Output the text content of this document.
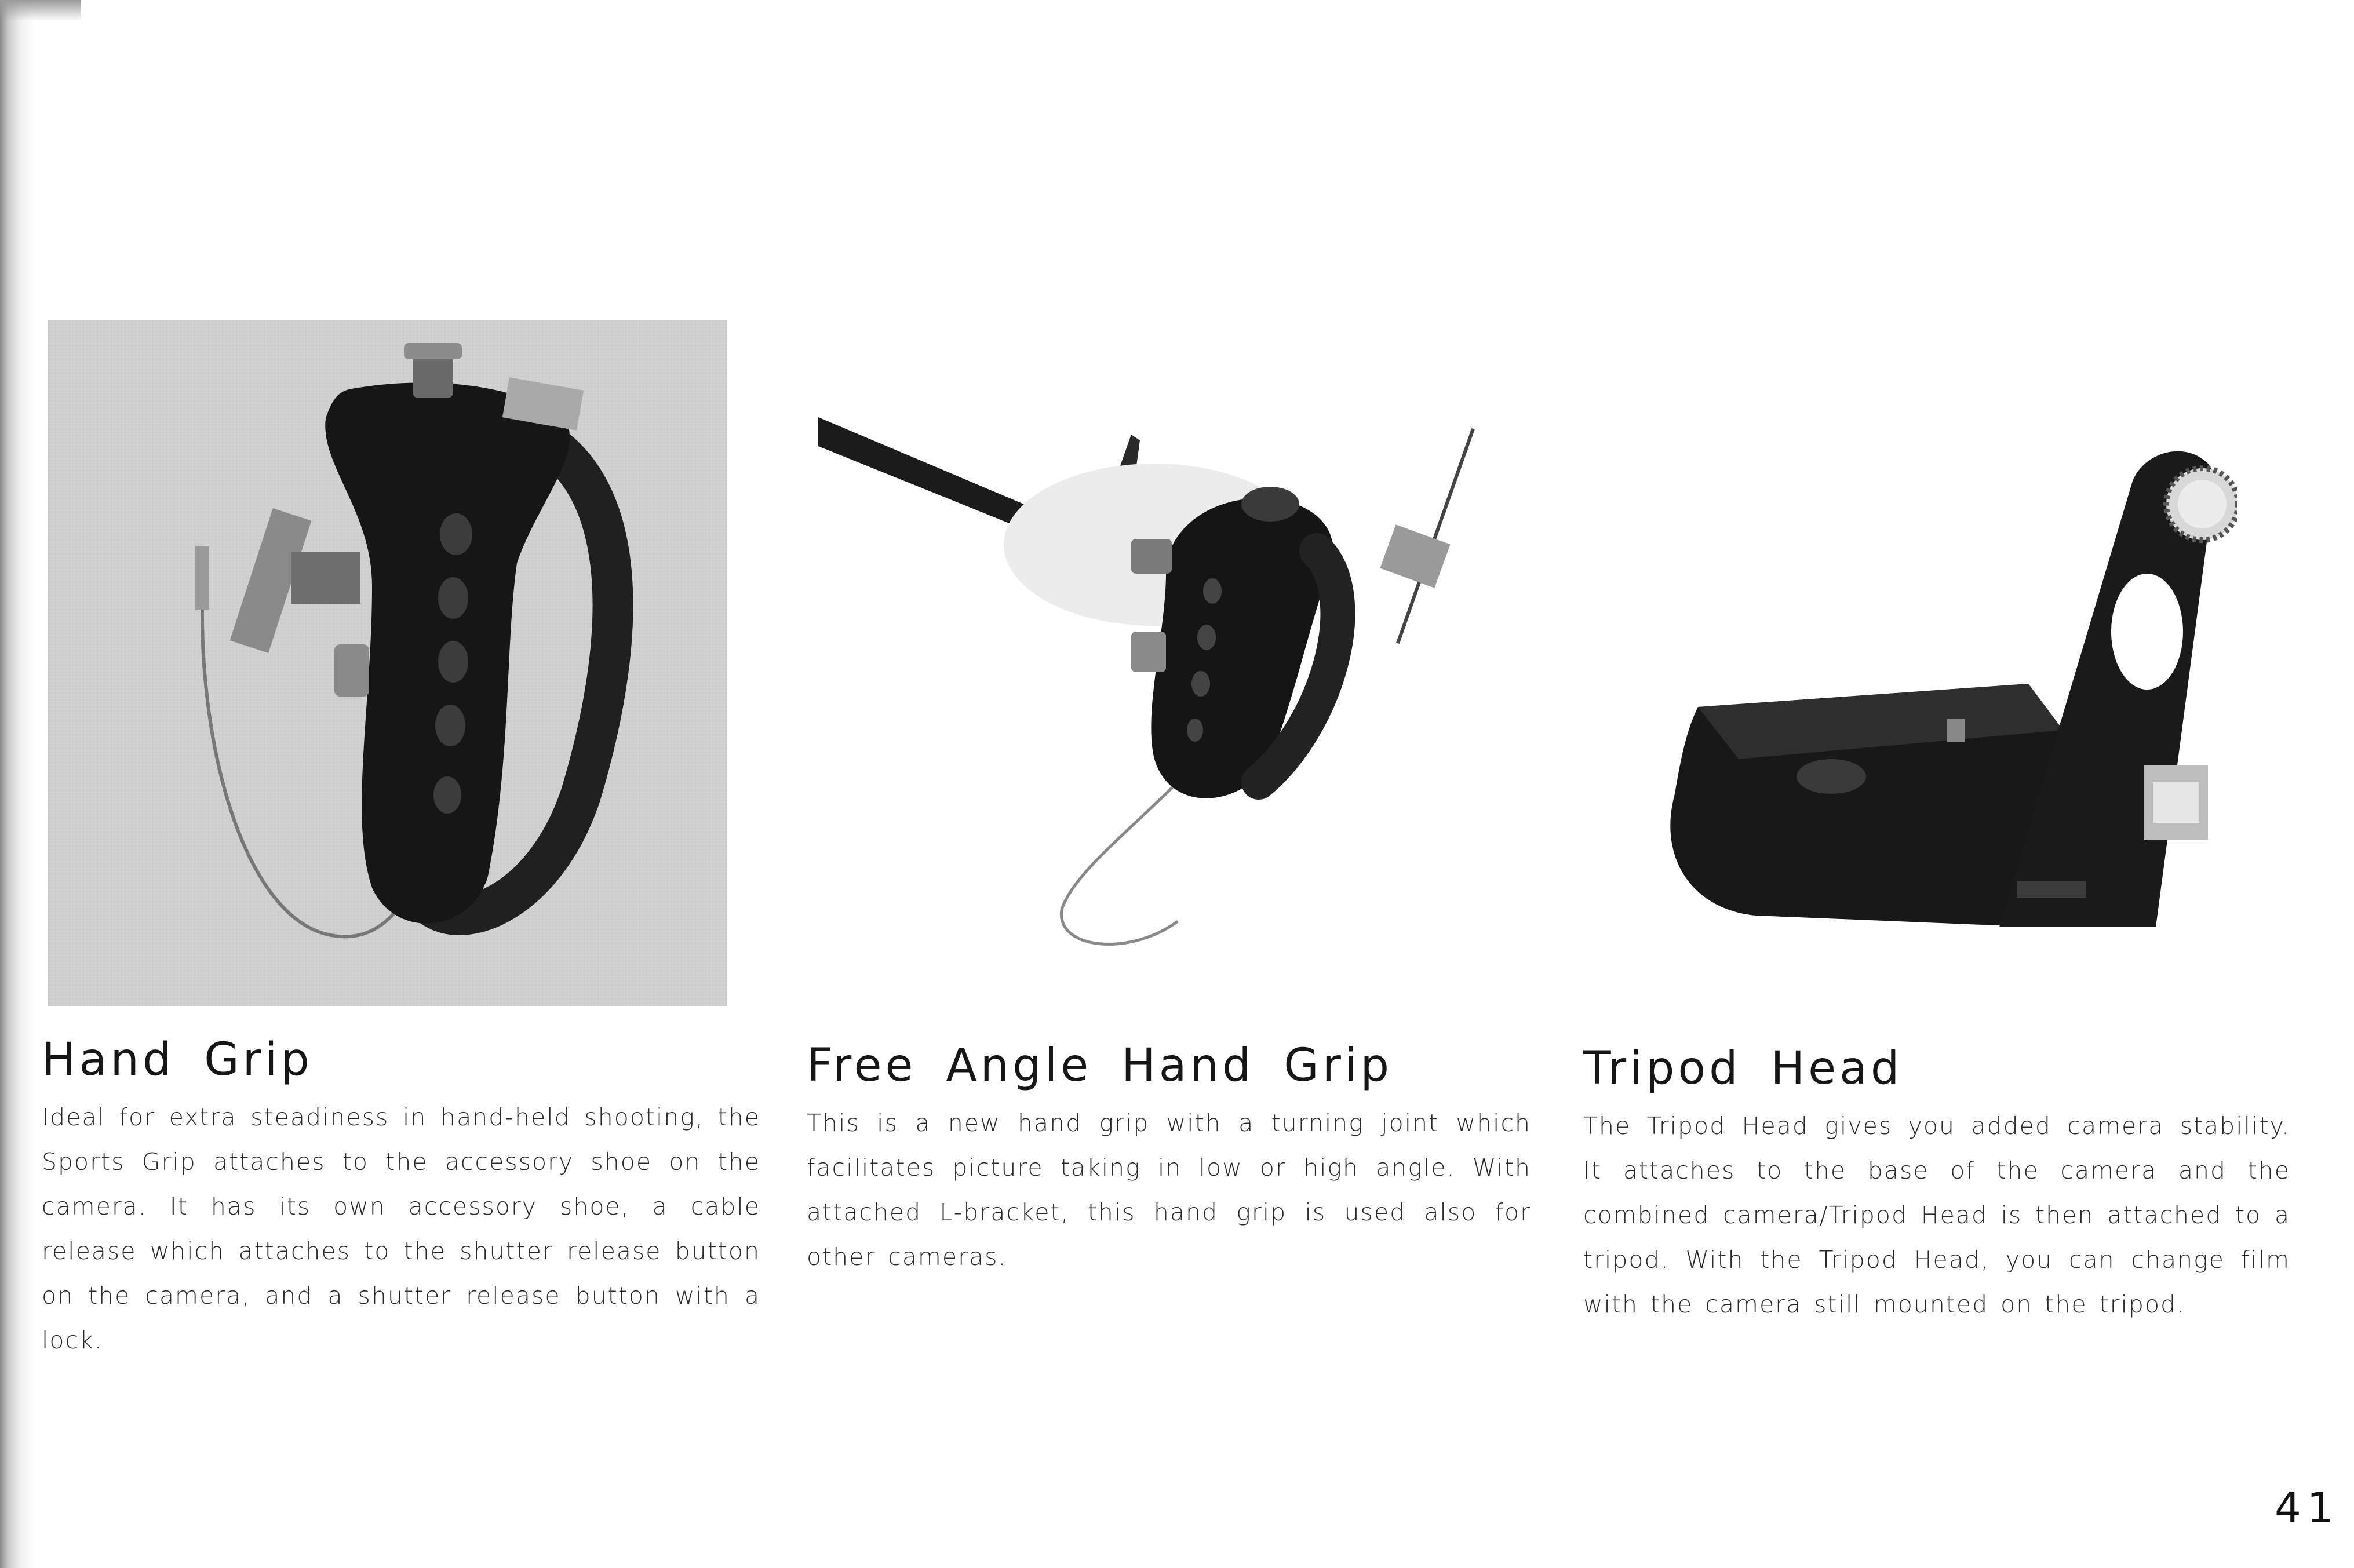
Hand Grip

Ideal for extra steadiness in hand-held shooting, the Sports Grip attaches to the accessory shoe on the camera. It has its own accessory shoe, a cable release which attaches to the shutter release button on the camera, and a shutter release button with a lock.

Free Angle Hand Grip

This is a new hand grip with a turning joint which facilitates picture taking in low or high angle. With attached L-bracket, this hand grip is used also for other cameras.

Tripod Head

The Tripod Head gives you added camera stability. It attaches to the base of the camera and the combined camera/Tripod Head is then attached to a tripod. With the Tripod Head, you can change film with the camera still mounted on the tripod.

41
